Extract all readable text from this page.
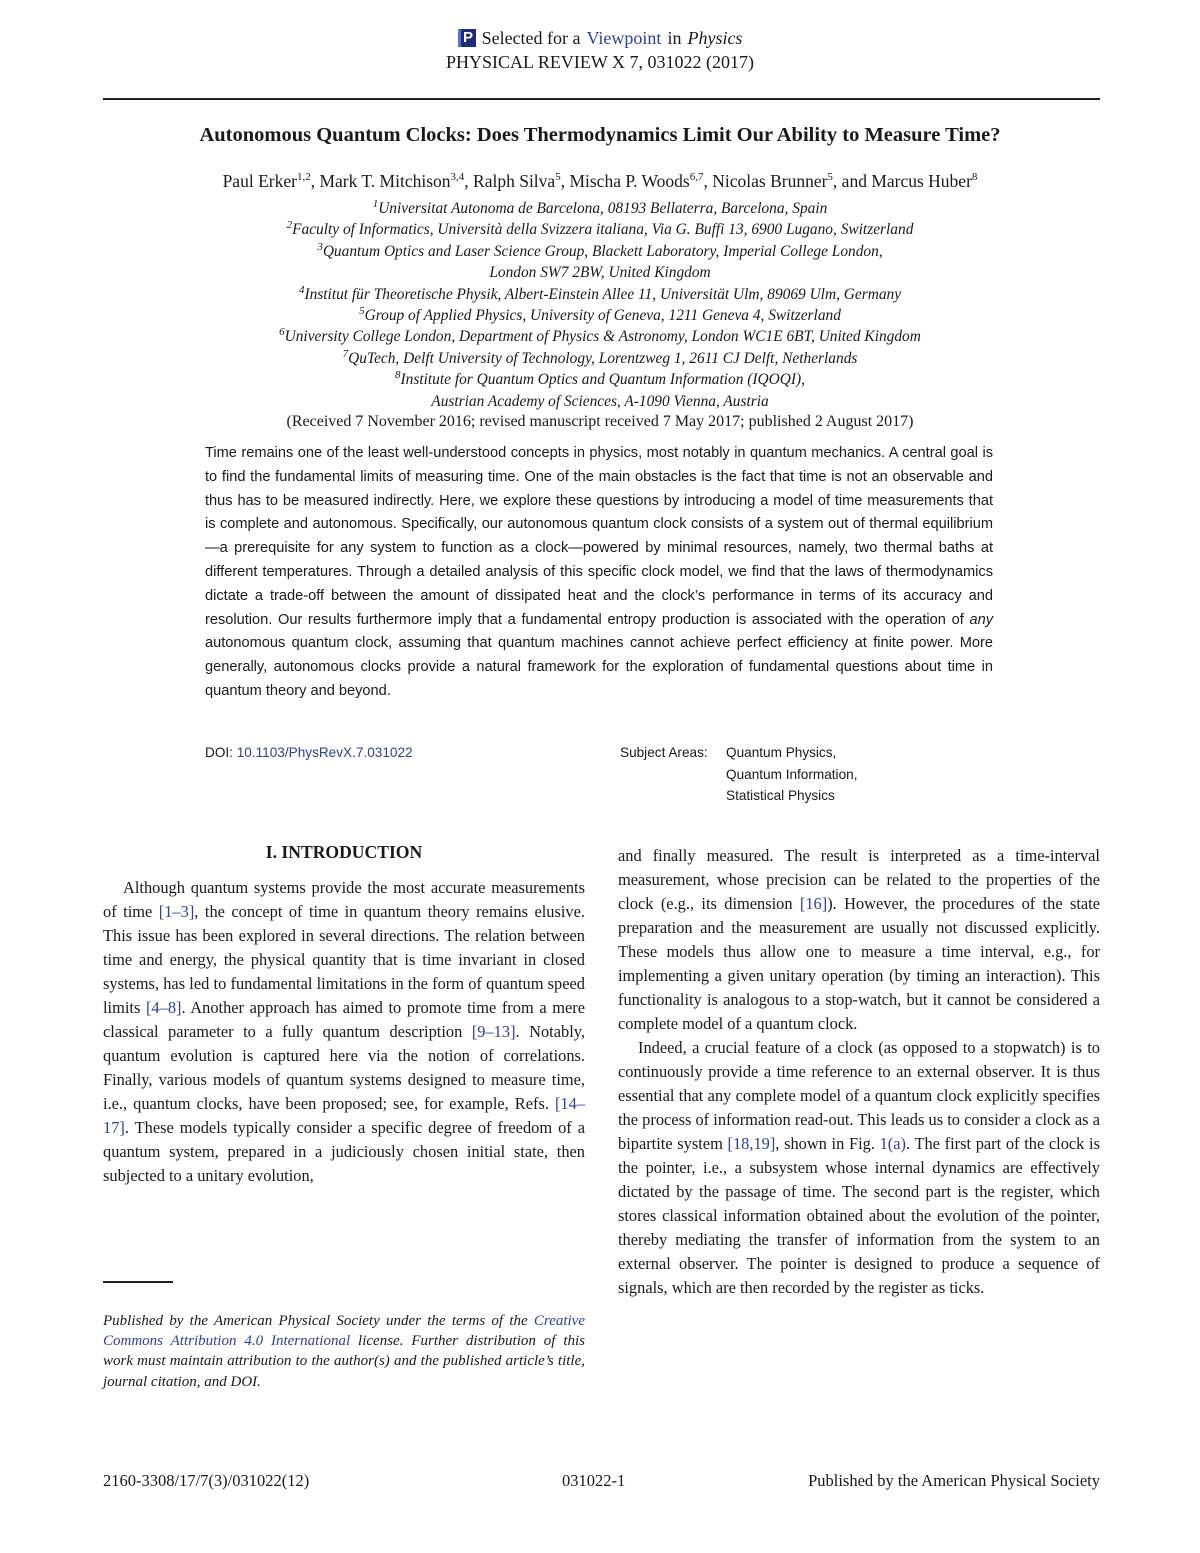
P Selected for a Viewpoint in Physics
PHYSICAL REVIEW X 7, 031022 (2017)
Autonomous Quantum Clocks: Does Thermodynamics Limit Our Ability to Measure Time?
Paul Erker$^{1,2}$, Mark T. Mitchison$^{3,4}$, Ralph Silva$^5$, Mischa P. Woods$^{6,7}$, Nicolas Brunner$^5$, and Marcus Huber$^8$
$^1$Universitat Autonoma de Barcelona, 08193 Bellaterra, Barcelona, Spain
$^2$Faculty of Informatics, Università della Svizzera italiana, Via G. Buffi 13, 6900 Lugano, Switzerland
$^3$Quantum Optics and Laser Science Group, Blackett Laboratory, Imperial College London,
London SW7 2BW, United Kingdom
$^4$Institut für Theoretische Physik, Albert-Einstein Allee 11, Universität Ulm, 89069 Ulm, Germany
$^5$Group of Applied Physics, University of Geneva, 1211 Geneva 4, Switzerland
$^6$University College London, Department of Physics & Astronomy, London WC1E 6BT, United Kingdom
$^7$QuTech, Delft University of Technology, Lorentzweg 1, 2611 CJ Delft, Netherlands
$^8$Institute for Quantum Optics and Quantum Information (IQOQI),
Austrian Academy of Sciences, A-1090 Vienna, Austria
(Received 7 November 2016; revised manuscript received 7 May 2017; published 2 August 2017)

Time remains one of the least well-understood concepts in physics, most notably in quantum mechanics. A central goal is to find the fundamental limits of measuring time. One of the main obstacles is the fact that time is not an observable and thus has to be measured indirectly. Here, we explore these questions by introducing a model of time measurements that is complete and autonomous. Specifically, our autonomous quantum clock consists of a system out of thermal equilibrium—a prerequisite for any system to function as a clock—powered by minimal resources, namely, two thermal baths at different temperatures. Through a detailed analysis of this specific clock model, we find that the laws of thermodynamics dictate a trade-off between the amount of dissipated heat and the clock’s performance in terms of its accuracy and resolution. Our results furthermore imply that a fundamental entropy production is associated with the operation of any autonomous quantum clock, assuming that quantum machines cannot achieve perfect efficiency at finite power. More generally, autonomous clocks provide a natural framework for the exploration of fundamental questions about time in quantum theory and beyond.

DOI: 10.1103/PhysRevX.7.031022	Subject Areas:	Quantum Physics,
Quantum Information,
Statistical Physics
I. INTRODUCTION

Although quantum systems provide the most accurate measurements of time [1–3], the concept of time in quantum theory remains elusive. This issue has been explored in several directions. The relation between time and energy, the physical quantity that is time invariant in closed systems, has led to fundamental limitations in the form of quantum speed limits [4–8]. Another approach has aimed to promote time from a mere classical parameter to a fully quantum description [9–13]. Notably, quantum evolution is captured here via the notion of correlations. Finally, various models of quantum systems designed to measure time, i.e., quantum clocks, have been proposed; see, for example, Refs. [14–17]. These models typically consider a specific degree of freedom of a quantum system, prepared in a judiciously chosen initial state, then subjected to a unitary evolution,

Published by the American Physical Society under the terms of the Creative Commons Attribution 4.0 International license. Further distribution of this work must maintain attribution to the author(s) and the published article’s title, journal citation, and DOI.

and finally measured. The result is interpreted as a time-interval measurement, whose precision can be related to the properties of the clock (e.g., its dimension [16]). However, the procedures of the state preparation and the measurement are usually not discussed explicitly. These models thus allow one to measure a time interval, e.g., for implementing a given unitary operation (by timing an interaction). This functionality is analogous to a stop-watch, but it cannot be considered a complete model of a quantum clock.

Indeed, a crucial feature of a clock (as opposed to a stopwatch) is to continuously provide a time reference to an external observer. It is thus essential that any complete model of a quantum clock explicitly specifies the process of information read-out. This leads us to consider a clock as a bipartite system [18,19], shown in Fig. 1(a). The first part of the clock is the pointer, i.e., a subsystem whose internal dynamics are effectively dictated by the passage of time. The second part is the register, which stores classical information obtained about the evolution of the pointer, thereby mediating the transfer of information from the system to an external observer. The pointer is designed to produce a sequence of signals, which are then recorded by the register as ticks.

2160-3308/17/7(3)/031022(12)	031022-1	Published by the American Physical Society
